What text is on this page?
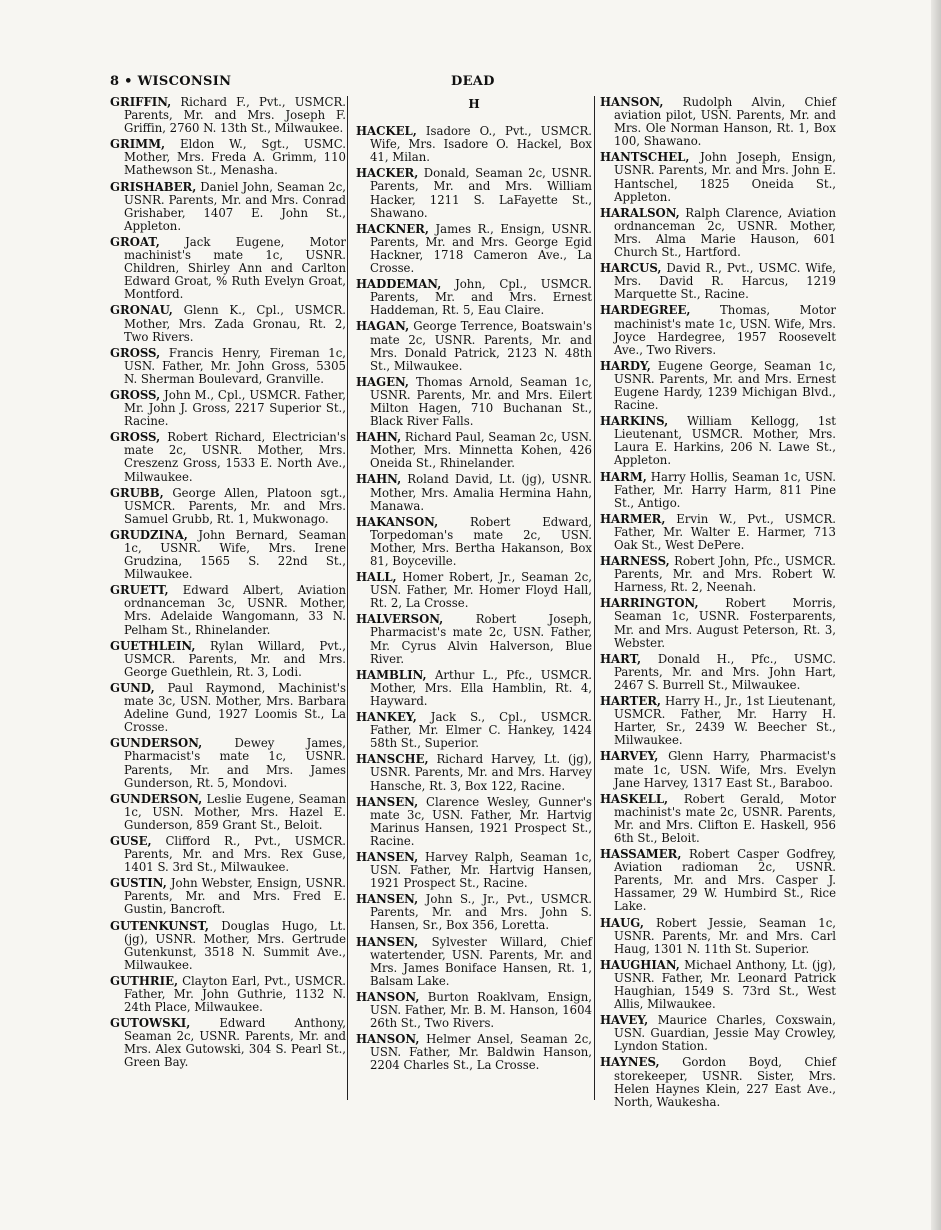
8 • WISCONSIN	DEAD
GRIFFIN, Richard F., Pvt., USMCR. Parents, Mr. and Mrs. Joseph F. Griffin, 2760 N. 13th St., Milwaukee.
GRIMM, Eldon W., Sgt., USMC. Mother, Mrs. Freda A. Grimm, 110 Mathewson St., Menasha.
GRISHABER, Daniel John, Seaman 2c, USNR. Parents, Mr. and Mrs. Conrad Grishaber, 1407 E. John St., Appleton.
GROAT, Jack Eugene, Motor machinist's mate 1c, USNR. Children, Shirley Ann and Carlton Edward Groat, % Ruth Evelyn Groat, Montford.
GRONAU, Glenn K., Cpl., USMCR. Mother, Mrs. Zada Gronau, Rt. 2, Two Rivers.
GROSS, Francis Henry, Fireman 1c, USN. Father, Mr. John Gross, 5305 N. Sherman Boulevard, Granville.
GROSS, John M., Cpl., USMCR. Father, Mr. John J. Gross, 2217 Superior St., Racine.
GROSS, Robert Richard, Electrician's mate 2c, USNR. Mother, Mrs. Creszenz Gross, 1533 E. North Ave., Milwaukee.
GRUBB, George Allen, Platoon sgt., USMCR. Parents, Mr. and Mrs. Samuel Grubb, Rt. 1, Mukwonago.
GRUDZINA, John Bernard, Seaman 1c, USNR. Wife, Mrs. Irene Grudzina, 1565 S. 22nd St., Milwaukee.
GRUETT, Edward Albert, Aviation ordnanceman 3c, USNR. Mother, Mrs. Adelaide Wangomann, 33 N. Pelham St., Rhinelander.
GUETHLEIN, Rylan Willard, Pvt., USMCR. Parents, Mr. and Mrs. George Guethlein, Rt. 3, Lodi.
GUND, Paul Raymond, Machinist's mate 3c, USN. Mother, Mrs. Barbara Adeline Gund, 1927 Loomis St., La Crosse.
GUNDERSON, Dewey James, Pharmacist's mate 1c, USNR. Parents, Mr. and Mrs. James Gunderson, Rt. 5, Mondovi.
GUNDERSON, Leslie Eugene, Seaman 1c, USN. Mother, Mrs. Hazel E. Gunderson, 859 Grant St., Beloit.
GUSE, Clifford R., Pvt., USMCR. Parents, Mr. and Mrs. Rex Guse, 1401 S. 3rd St., Milwaukee.
GUSTIN, John Webster, Ensign, USNR. Parents, Mr. and Mrs. Fred E. Gustin, Bancroft.
GUTENKUNST, Douglas Hugo, Lt. (jg), USNR. Mother, Mrs. Gertrude Gutenkunst, 3518 N. Summit Ave., Milwaukee.
GUTHRIE, Clayton Earl, Pvt., USMCR. Father, Mr. John Guthrie, 1132 N. 24th Place, Milwaukee.
GUTOWSKI, Edward Anthony, Seaman 2c, USNR. Parents, Mr. and Mrs. Alex Gutowski, 304 S. Pearl St., Green Bay.
H
HACKEL, Isadore O., Pvt., USMCR. Wife, Mrs. Isadore O. Hackel, Box 41, Milan.
HACKER, Donald, Seaman 2c, USNR. Parents, Mr. and Mrs. William Hacker, 1211 S. LaFayette St., Shawano.
HACKNER, James R., Ensign, USNR. Parents, Mr. and Mrs. George Egid Hackner, 1718 Cameron Ave., La Crosse.
HADDEMAN, John, Cpl., USMCR. Parents, Mr. and Mrs. Ernest Haddeman, Rt. 5, Eau Claire.
HAGAN, George Terrence, Boatswain's mate 2c, USNR. Parents, Mr. and Mrs. Donald Patrick, 2123 N. 48th St., Milwaukee.
HAGEN, Thomas Arnold, Seaman 1c, USNR. Parents, Mr. and Mrs. Eilert Milton Hagen, 710 Buchanan St., Black River Falls.
HAHN, Richard Paul, Seaman 2c, USN. Mother, Mrs. Minnetta Kohen, 426 Oneida St., Rhinelander.
HAHN, Roland David, Lt. (jg), USNR. Mother, Mrs. Amalia Hermina Hahn, Manawa.
HAKANSON, Robert Edward, Torpedoman's mate 2c, USN. Mother, Mrs. Bertha Hakanson, Box 81, Boyceville.
HALL, Homer Robert, Jr., Seaman 2c, USN. Father, Mr. Homer Floyd Hall, Rt. 2, La Crosse.
HALVERSON, Robert Joseph, Pharmacist's mate 2c, USN. Father, Mr. Cyrus Alvin Halverson, Blue River.
HAMBLIN, Arthur L., Pfc., USMCR. Mother, Mrs. Ella Hamblin, Rt. 4, Hayward.
HANKEY, Jack S., Cpl., USMCR. Father, Mr. Elmer C. Hankey, 1424 58th St., Superior.
HANSCHE, Richard Harvey, Lt. (jg), USNR. Parents, Mr. and Mrs. Harvey Hansche, Rt. 3, Box 122, Racine.
HANSEN, Clarence Wesley, Gunner's mate 3c, USN. Father, Mr. Hartvig Marinus Hansen, 1921 Prospect St., Racine.
HANSEN, Harvey Ralph, Seaman 1c, USN. Father, Mr. Hartvig Hansen, 1921 Prospect St., Racine.
HANSEN, John S., Jr., Pvt., USMCR. Parents, Mr. and Mrs. John S. Hansen, Sr., Box 356, Loretta.
HANSEN, Sylvester Willard, Chief watertender, USN. Parents, Mr. and Mrs. James Boniface Hansen, Rt. 1, Balsam Lake.
HANSON, Burton Roaklvam, Ensign, USN. Father, Mr. B. M. Hanson, 1604 26th St., Two Rivers.
HANSON, Helmer Ansel, Seaman 2c, USN. Father, Mr. Baldwin Hanson, 2204 Charles St., La Crosse.
HANSON, Rudolph Alvin, Chief aviation pilot, USN. Parents, Mr. and Mrs. Ole Norman Hanson, Rt. 1, Box 100, Shawano.
HANTSCHEL, John Joseph, Ensign, USNR. Parents, Mr. and Mrs. John E. Hantschel, 1825 Oneida St., Appleton.
HARALSON, Ralph Clarence, Aviation ordnanceman 2c, USNR. Mother, Mrs. Alma Marie Hauson, 601 Church St., Hartford.
HARCUS, David R., Pvt., USMC. Wife, Mrs. David R. Harcus, 1219 Marquette St., Racine.
HARDEGREE, Thomas, Motor machinist's mate 1c, USN. Wife, Mrs. Joyce Hardegree, 1957 Roosevelt Ave., Two Rivers.
HARDY, Eugene George, Seaman 1c, USNR. Parents, Mr. and Mrs. Ernest Eugene Hardy, 1239 Michigan Blvd., Racine.
HARKINS, William Kellogg, 1st Lieutenant, USMCR. Mother, Mrs. Laura E. Harkins, 206 N. Lawe St., Appleton.
HARM, Harry Hollis, Seaman 1c, USN. Father, Mr. Harry Harm, 811 Pine St., Antigo.
HARMER, Ervin W., Pvt., USMCR. Father, Mr. Walter E. Harmer, 713 Oak St., West DePere.
HARNESS, Robert John, Pfc., USMCR. Parents, Mr. and Mrs. Robert W. Harness, Rt. 2, Neenah.
HARRINGTON, Robert Morris, Seaman 1c, USNR. Fosterparents, Mr. and Mrs. August Peterson, Rt. 3, Webster.
HART, Donald H., Pfc., USMC. Parents, Mr. and Mrs. John Hart, 2467 S. Burrell St., Milwaukee.
HARTER, Harry H., Jr., 1st Lieutenant, USMCR. Father, Mr. Harry H. Harter, Sr., 2439 W. Beecher St., Milwaukee.
HARVEY, Glenn Harry, Pharmacist's mate 1c, USN. Wife, Mrs. Evelyn Jane Harvey, 1317 East St., Baraboo.
HASKELL, Robert Gerald, Motor machinist's mate 2c, USNR. Parents, Mr. and Mrs. Clifton E. Haskell, 956 6th St., Beloit.
HASSAMER, Robert Casper Godfrey, Aviation radioman 2c, USNR. Parents, Mr. and Mrs. Casper J. Hassamer, 29 W. Humbird St., Rice Lake.
HAUG, Robert Jessie, Seaman 1c, USNR. Parents, Mr. and Mrs. Carl Haug, 1301 N. 11th St. Superior.
HAUGHIAN, Michael Anthony, Lt. (jg), USNR. Father, Mr. Leonard Patrick Haughian, 1549 S. 73rd St., West Allis, Milwaukee.
HAVEY, Maurice Charles, Coxswain, USN. Guardian, Jessie May Crowley, Lyndon Station.
HAYNES, Gordon Boyd, Chief storekeeper, USNR. Sister, Mrs. Helen Haynes Klein, 227 East Ave., North, Waukesha.
